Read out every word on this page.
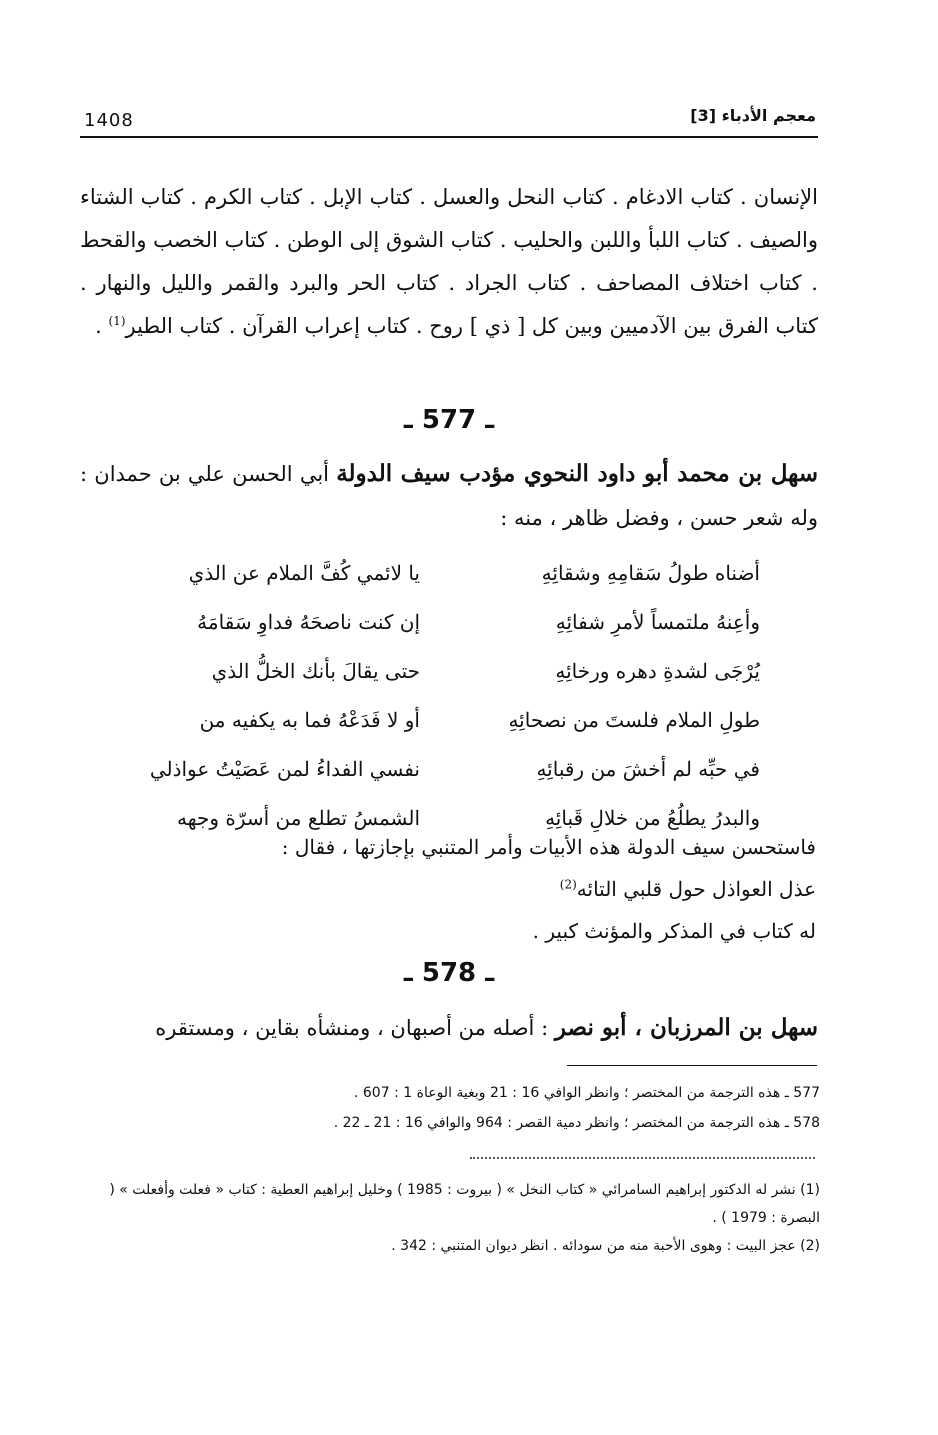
1408	معجم الأدباء [3]

الإنسان . كتاب الادغام . كتاب النحل والعسل . كتاب الإبل . كتاب الكرم . كتاب الشتاء والصيف . كتاب اللبأ واللبن والحليب . كتاب الشوق إلى الوطن . كتاب الخصب والقحط . كتاب اختلاف المصاحف . كتاب الجراد . كتاب الحر والبرد والقمر والليل والنهار . كتاب الفرق بين الآدميين وبين كل [ ذي ] روح . كتاب إعراب القرآن . كتاب الطير$^{(1)}$ .

ـ 577 ـ

سهل بن محمد أبو داود النحوي مؤدب سيف الدولة أبي الحسن علي بن حمدان : وله شعر حسن ، وفضل ظاهر ، منه :

يا لائمي كُفَّ الملام عن الذي	أضناه طولُ سَقامِهِ وشقائِهِ
إن كنت ناصحَهُ فداوِ سَقامَهُ	وأعِنهُ ملتمساً لأمرِ شفائِهِ
حتى يقالَ بأنك الخلُّ الذي	يُرْجَى لشدةِ دهره ورخائِهِ
أو لا فَدَعْهُ فما به يكفيه من	طولِ الملام فلستَ من نصحائِهِ
نفسي الفداءُ لمن عَصَيْتُ عواذلي	في حبِّه لم أخشَ من رقبائِهِ
الشمسُ تطلع من أسرّة وجهه	والبدرُ يطلُعُ من خلالِ قَبائِهِ
فاستحسن سيف الدولة هذه الأبيات وأمر المتنبي بإجازتها ، فقال :
عذل العواذل حول قلبي التائه$^{(2)}$
له كتاب في المذكر والمؤنث كبير .
ـ 578 ـ

سهل بن المرزبان ، أبو نصر : أصله من أصبهان ، ومنشأه بقاين ، ومستقره

577 ـ هذه الترجمة من المختصر ؛ وانظر الوافي 16 : 21 وبغية الوعاة 1 : 607 .
578 ـ هذه الترجمة من المختصر ؛ وانظر دمية القصر : 964 والوافي 16 : 21 ـ 22 .

(1) نشر له الدكتور إبراهيم السامرائي « كتاب النخل » ( بيروت : 1985 ) وخليل إبراهيم العطية : كتاب « فعلت وأفعلت » ( البصرة : 1979 ) .

(2) عجز البيت : وهوى الأحبة منه من سودائه . انظر ديوان المتنبي : 342 .
